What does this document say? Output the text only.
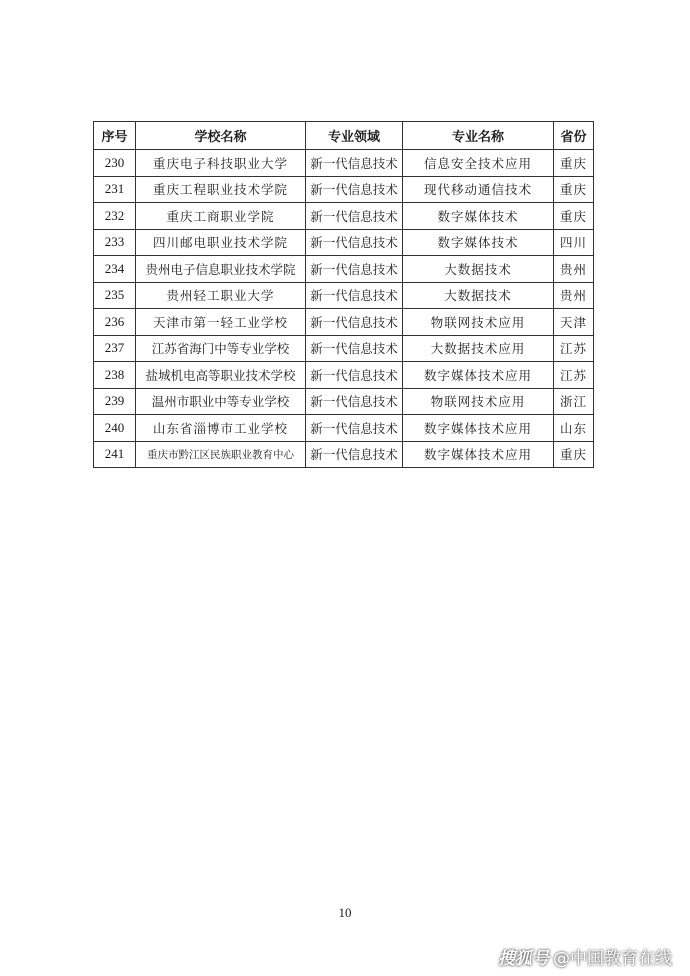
序号	学校名称	专业领域	专业名称	省份
230	重庆电子科技职业大学	新一代信息技术	信息安全技术应用	重庆
231	重庆工程职业技术学院	新一代信息技术	现代移动通信技术	重庆
232	重庆工商职业学院	新一代信息技术	数字媒体技术	重庆
233	四川邮电职业技术学院	新一代信息技术	数字媒体技术	四川
234	贵州电子信息职业技术学院	新一代信息技术	大数据技术	贵州
235	贵州轻工职业大学	新一代信息技术	大数据技术	贵州
236	天津市第一轻工业学校	新一代信息技术	物联网技术应用	天津
237	江苏省海门中等专业学校	新一代信息技术	大数据技术应用	江苏
238	盐城机电高等职业技术学校	新一代信息技术	数字媒体技术应用	江苏
239	温州市职业中等专业学校	新一代信息技术	物联网技术应用	浙江
240	山东省淄博市工业学校	新一代信息技术	数字媒体技术应用	山东
241	重庆市黔江区民族职业教育中心	新一代信息技术	数字媒体技术应用	重庆
10
搜狐号 @中国教育在线
